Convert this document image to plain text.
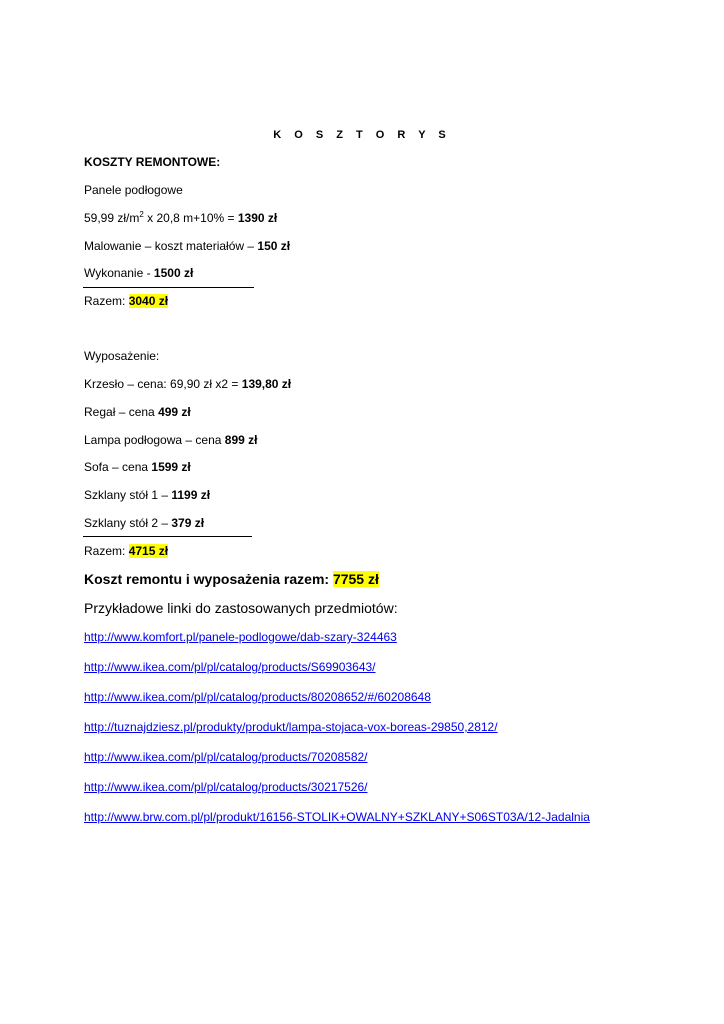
K O S Z T O R Y S
KOSZTY REMONTOWE:
Panele podłogowe
59,99 $zł/m^2$ x 20,8 m+10% = 1390 zł
Malowanie – koszt materiałów – 150 zł
Wykonanie - 1500 zł
Razem: 3040 zł
Wyposażenie:
Krzesło – cena: 69,90 zł x2 = 139,80 zł
Regał – cena 499 zł
Lampa podłogowa – cena 899 zł
Sofa – cena 1599 zł
Szklany stół 1 – 1199 zł
Szklany stół 2 – 379 zł
Razem: 4715 zł
Koszt remontu i wyposażenia razem: 7755 zł
Przykładowe linki do zastosowanych przedmiotów:
http://www.komfort.pl/panele-podlogowe/dab-szary-324463
http://www.ikea.com/pl/pl/catalog/products/S69903643/
http://www.ikea.com/pl/pl/catalog/products/80208652/#/60208648
http://tuznajdziesz.pl/produkty/produkt/lampa-stojaca-vox-boreas-29850,2812/
http://www.ikea.com/pl/pl/catalog/products/70208582/
http://www.ikea.com/pl/pl/catalog/products/30217526/
http://www.brw.com.pl/pl/produkt/16156-STOLIK+OWALNY+SZKLANY+S06ST03A/12-Jadalnia
